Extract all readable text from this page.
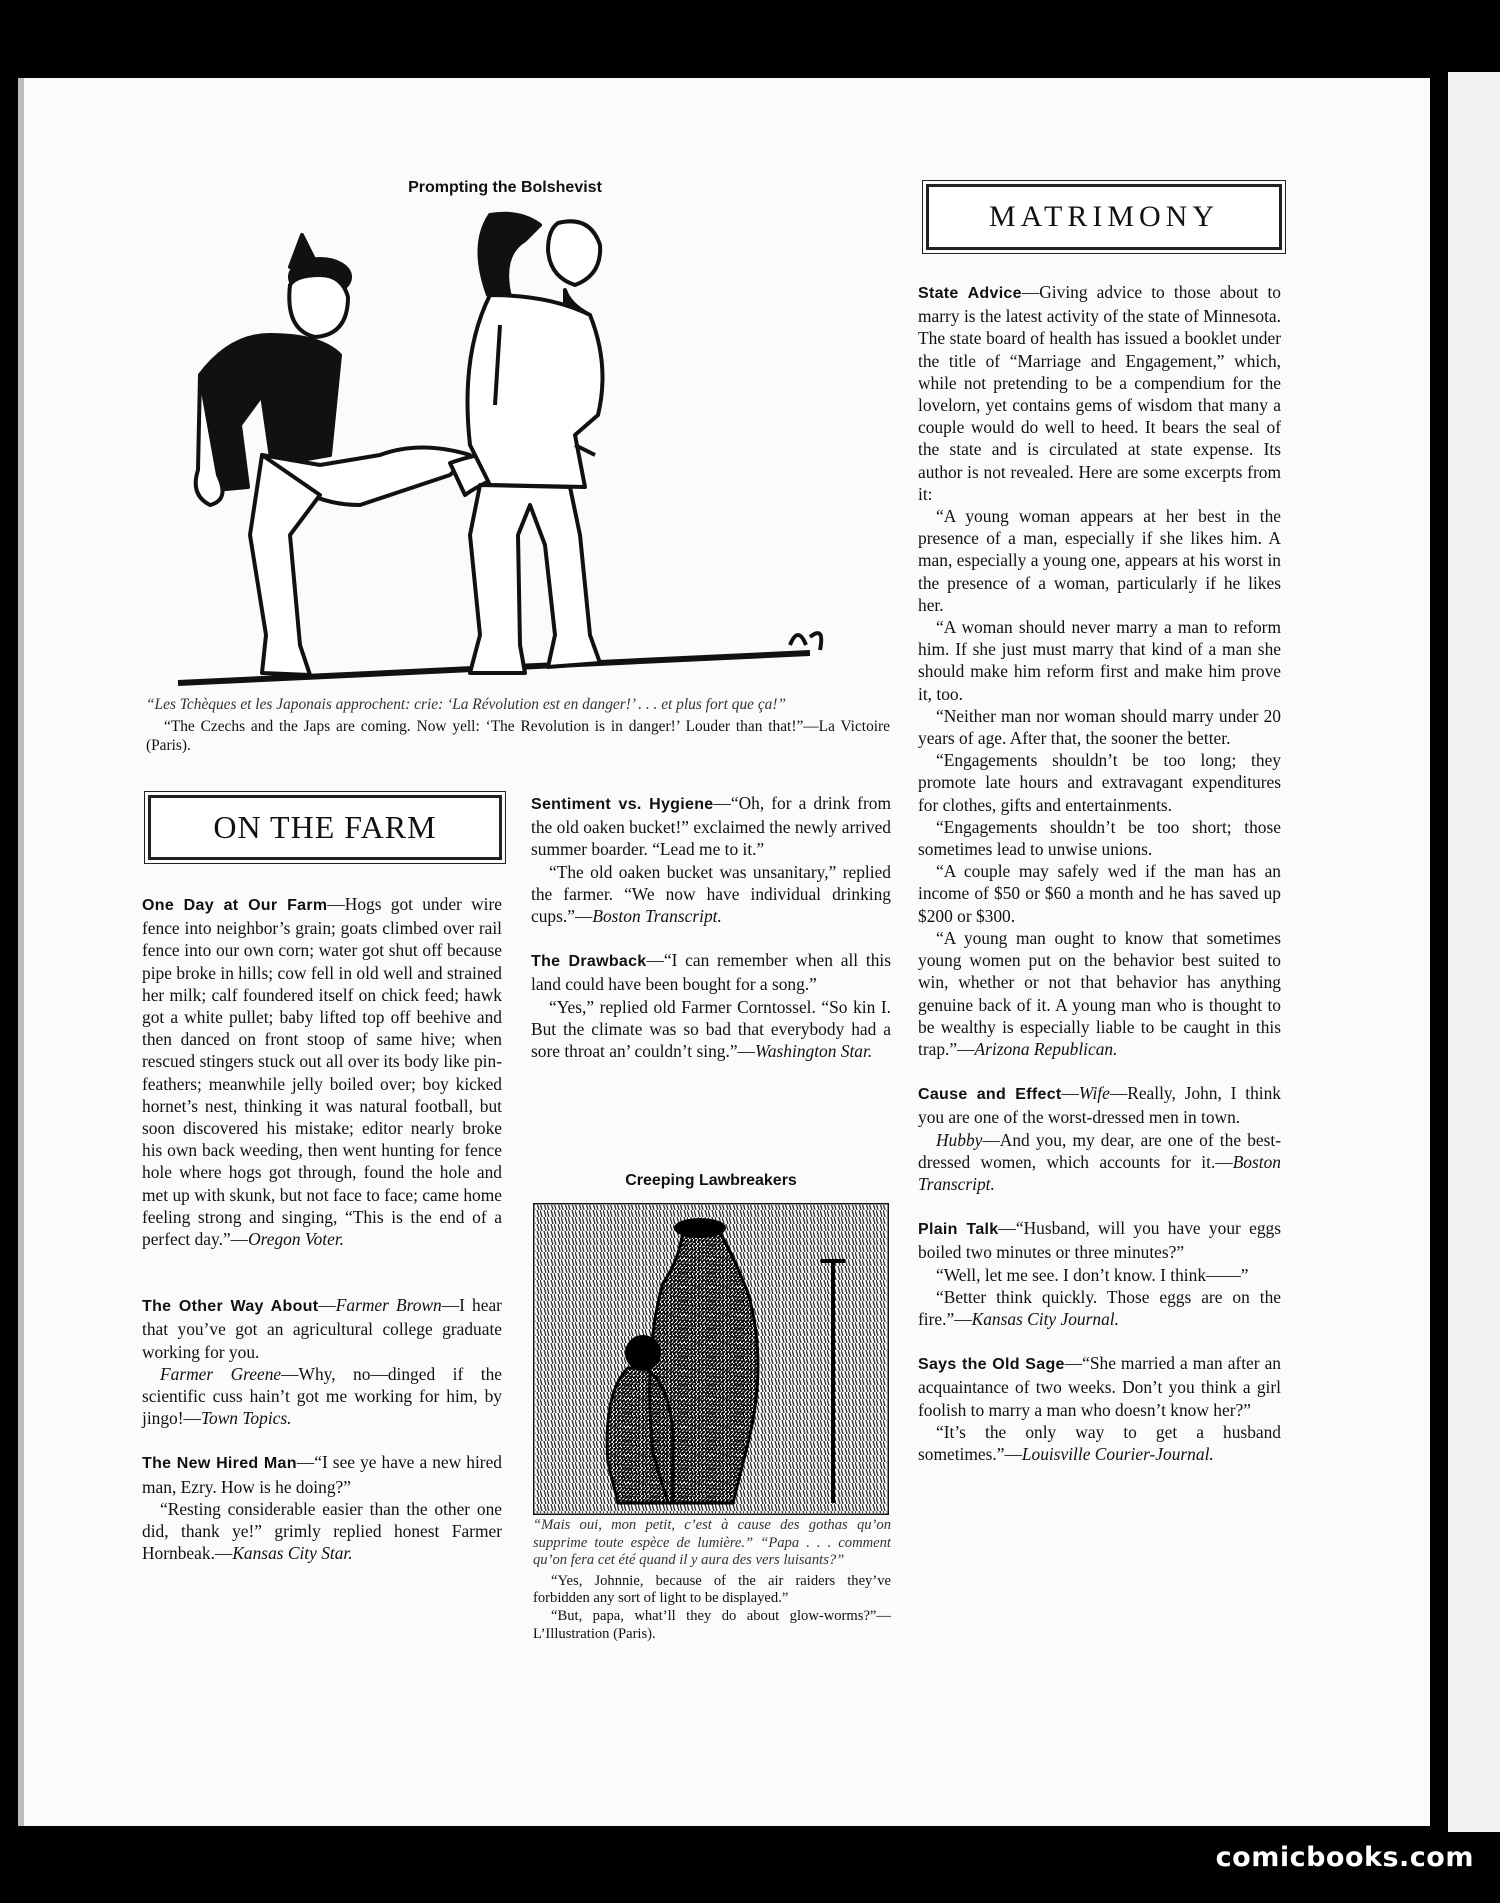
Prompting the Bolshevist
“Les Tchèques et les Japonais approchent: crie: ‘La Révolution est en danger!’ . . . et plus fort que ça!”
“The Czechs and the Japs are coming. Now yell: ‘The Revolution is in danger!’ Louder than that!”—La Victoire (Paris).
ON THE FARM

One Day at Our Farm—Hogs got under wire fence into neighbor’s grain; goats climbed over rail fence into our own corn; water got shut off because pipe broke in hills; cow fell in old well and strained her milk; calf foundered itself on chick feed; hawk got a white pullet; baby lifted top off beehive and then danced on front stoop of same hive; when rescued stingers stuck out all over its body like pin-feathers; meanwhile jelly boiled over; boy kicked hornet’s nest, thinking it was natural football, but soon discovered his mistake; editor nearly broke his own back weeding, then went hunting for fence hole where hogs got through, found the hole and met up with skunk, but not face to face; came home feeling strong and singing, “This is the end of a perfect day.”—Oregon Voter.

The Other Way About—Farmer Brown—I hear that you’ve got an agricultural college graduate working for you.

Farmer Greene—Why, no—dinged if the scientific cuss hain’t got me working for him, by jingo!—Town Topics.

The New Hired Man—“I see ye have a new hired man, Ezry. How is he doing?”

“Resting considerable easier than the other one did, thank ye!” grimly replied honest Farmer Hornbeak.—Kansas City Star.

Sentiment vs. Hygiene—“Oh, for a drink from the old oaken bucket!” exclaimed the newly arrived summer boarder. “Lead me to it.”

“The old oaken bucket was unsanitary,” replied the farmer. “We now have individual drinking cups.”—Boston Transcript.

The Drawback—“I can remember when all this land could have been bought for a song.”

“Yes,” replied old Farmer Corntossel. “So kin I. But the climate was so bad that everybody had a sore throat an’ couldn’t sing.”—Washington Star.

Creeping Lawbreakers
“Mais oui, mon petit, c’est à cause des gothas qu’on supprime toute espèce de lumière.” “Papa . . . comment qu’on fera cet été quand il y aura des vers luisants?”
“Yes, Johnnie, because of the air raiders they’ve forbidden any sort of light to be displayed.”
“But, papa, what’ll they do about glow-worms?”—L’Illustration (Paris).
MATRIMONY

State Advice—Giving advice to those about to marry is the latest activity of the state of Minnesota. The state board of health has issued a booklet under the title of “Marriage and Engagement,” which, while not pretending to be a compendium for the lovelorn, yet contains gems of wisdom that many a couple would do well to heed. It bears the seal of the state and is circulated at state expense. Its author is not revealed. Here are some excerpts from it:

“A young woman appears at her best in the presence of a man, especially if she likes him. A man, especially a young one, appears at his worst in the presence of a woman, particularly if he likes her.

“A woman should never marry a man to reform him. If she just must marry that kind of a man she should make him reform first and make him prove it, too.

“Neither man nor woman should marry under 20 years of age. After that, the sooner the better.

“Engagements shouldn’t be too long; they promote late hours and extravagant expenditures for clothes, gifts and entertainments.

“Engagements shouldn’t be too short; those sometimes lead to unwise unions.

“A couple may safely wed if the man has an income of $50 or $60 a month and he has saved up $200 or $300.

“A young man ought to know that sometimes young women put on the behavior best suited to win, whether or not that behavior has anything genuine back of it. A young man who is thought to be wealthy is especially liable to be caught in this trap.”—Arizona Republican.

Cause and Effect—Wife—Really, John, I think you are one of the worst-dressed men in town.

Hubby—And you, my dear, are one of the best-dressed women, which accounts for it.—Boston Transcript.

Plain Talk—“Husband, will you have your eggs boiled two minutes or three minutes?”

“Well, let me see. I don’t know. I think——”

“Better think quickly. Those eggs are on the fire.”—Kansas City Journal.

Says the Old Sage—“She married a man after an acquaintance of two weeks. Don’t you think a girl foolish to marry a man who doesn’t know her?”

“It’s the only way to get a husband sometimes.”—Louisville Courier-Journal.

comicbooks.com
